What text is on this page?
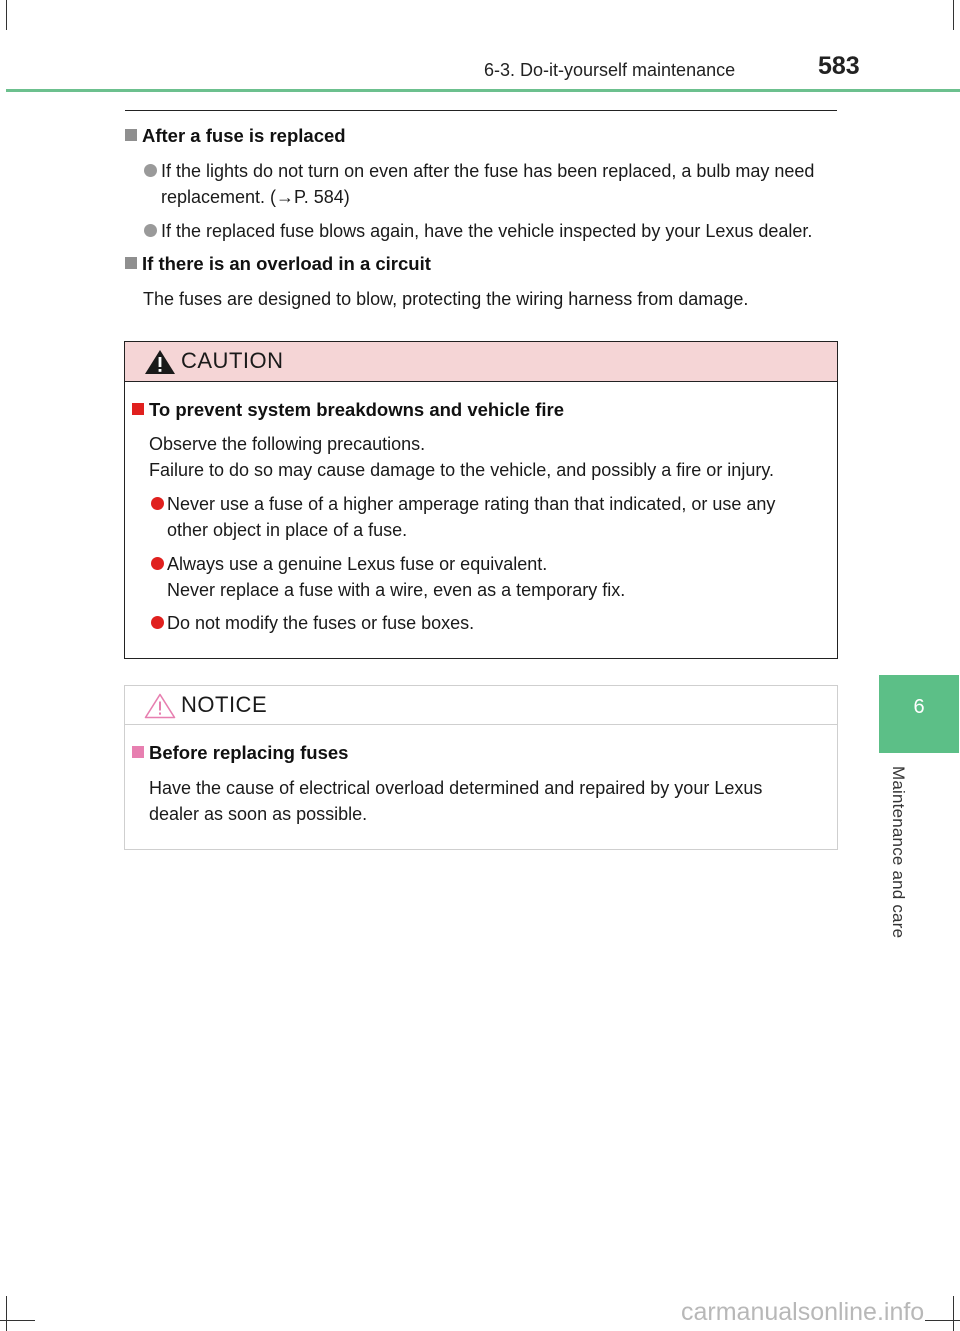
6-3. Do-it-yourself maintenance	583
6
Maintenance and care
After a fuse is replaced
If the lights do not turn on even after the fuse has been replaced, a bulb may need
replacement. (→P. 584)
If the replaced fuse blows again, have the vehicle inspected by your Lexus dealer.
If there is an overload in a circuit
The fuses are designed to blow, protecting the wiring harness from damage.
CAUTION
To prevent system breakdowns and vehicle fire
Observe the following precautions.
Failure to do so may cause damage to the vehicle, and possibly a fire or injury.
Never use a fuse of a higher amperage rating than that indicated, or use any
other object in place of a fuse.
Always use a genuine Lexus fuse or equivalent.
Never replace a fuse with a wire, even as a temporary fix.
Do not modify the fuses or fuse boxes.
NOTICE
Before replacing fuses
Have the cause of electrical overload determined and repaired by your Lexus
dealer as soon as possible.
carmanualsonline.info
